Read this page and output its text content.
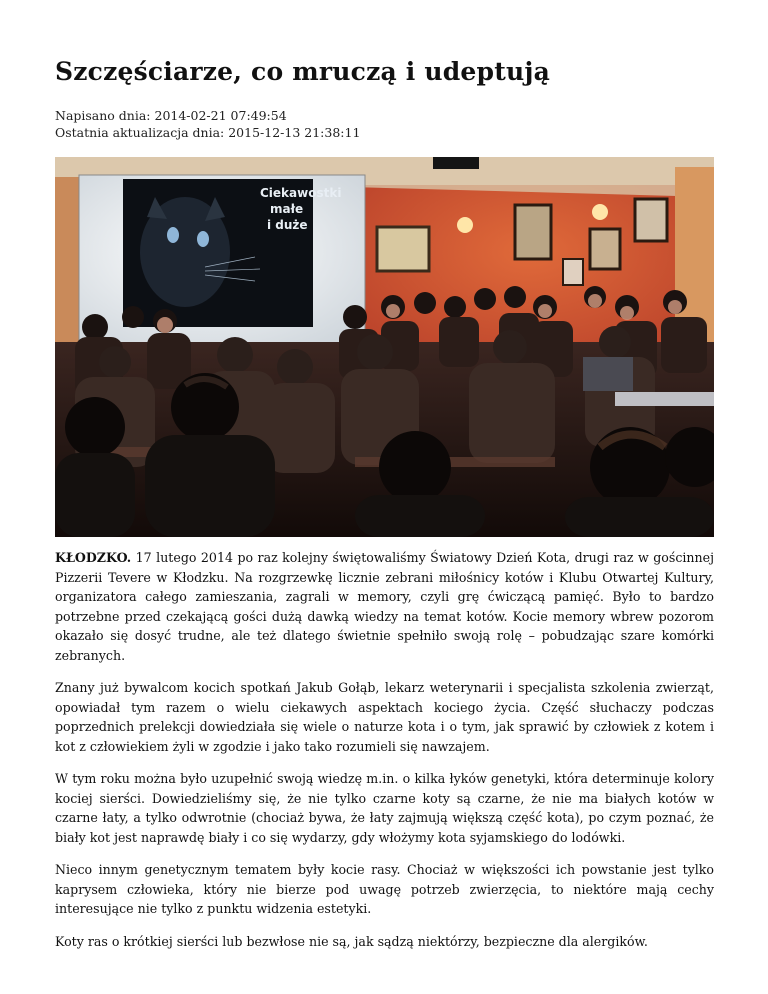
Szczęściarze, co mruczą i udeptują
Napisano dnia: 2014-02-21 07:49:54
Ostatnia aktualizacja dnia: 2015-12-13 21:38:11
Ciekawostki
małe
i duże

KŁODZKO. 17 lutego 2014 po raz kolejny świętowaliśmy Światowy Dzień Kota, drugi raz w gościnnej Pizzerii Tevere w Kłodzku. Na rozgrzewkę licznie zebrani miłośnicy kotów i Klubu Otwartej Kultury, organizatora całego zamieszania, zagrali w memory, czyli grę ćwiczącą pamięć. Było to bardzo potrzebne przed czekającą gości dużą dawką wiedzy na temat kotów. Kocie memory wbrew pozorom okazało się dosyć trudne, ale też dlatego świetnie spełniło swoją rolę – pobudzając szare komórki zebranych.

Znany już bywalcom kocich spotkań Jakub Gołąb, lekarz weterynarii i specjalista szkolenia zwierząt, opowiadał tym razem o wielu ciekawych aspektach kociego życia. Część słuchaczy podczas poprzednich prelekcji dowiedziała się wiele o naturze kota i o tym, jak sprawić by człowiek z kotem i kot z człowiekiem żyli w zgodzie i jako tako rozumieli się nawzajem.

W tym roku można było uzupełnić swoją wiedzę m.in. o kilka łyków genetyki, która determinuje kolory kociej sierści. Dowiedzieliśmy się, że nie tylko czarne koty są czarne, że nie ma białych kotów w czarne łaty, a tylko odwrotnie (chociaż bywa, że łaty zajmują większą część kota), po czym poznać, że biały kot jest naprawdę biały i co się wydarzy, gdy włożymy kota syjamskiego do lodówki.

Nieco innym genetycznym tematem były kocie rasy. Chociaż w większości ich powstanie jest tylko kaprysem człowieka, który nie bierze pod uwagę potrzeb zwierzęcia, to niektóre mają cechy interesujące nie tylko z punktu widzenia estetyki.

Koty ras o krótkiej sierści lub bezwłose nie są, jak sądzą niektórzy, bezpieczne dla alergików.
